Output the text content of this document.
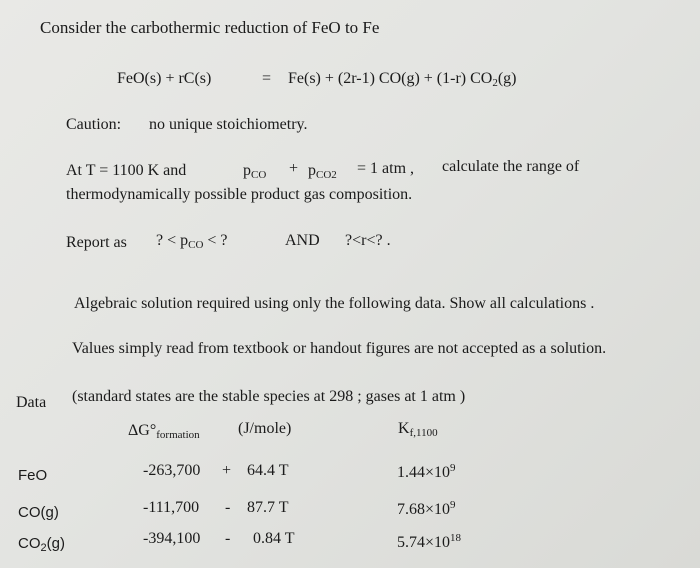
Consider the carbothermic reduction of FeO to Fe
FeO(s) + rC(s)	= Fe(s) + (2r-1) CO(g) + (1-r) $CO_2(g)$
Caution: no unique stoichiometry.
At T = 1100 K and	$p_{CO} + p_{CO2} = 1$ atm , calculate the range of
thermodynamically possible product gas composition.
Report as ? < $p_{CO}$ < ?	AND ?<r<? .
Algebraic solution required using only the following data. Show all calculations .
Values simply read from textbook or handout figures are not accepted as a solution.
Data (standard states are the stable species at 298 ; gases at 1 atm )
$\Delta G^\circ_{formation}$ (J/mole)	$K_{f,1100}$
FeO	-263,700 + 64.4 T	$1.44\times 10^9$
CO(g)	-111,700 - 87.7 T	$7.68\times 10^9$
$CO_2(g)$	-394,100 - 0.84 T	$5.74\times 10^{18}$
